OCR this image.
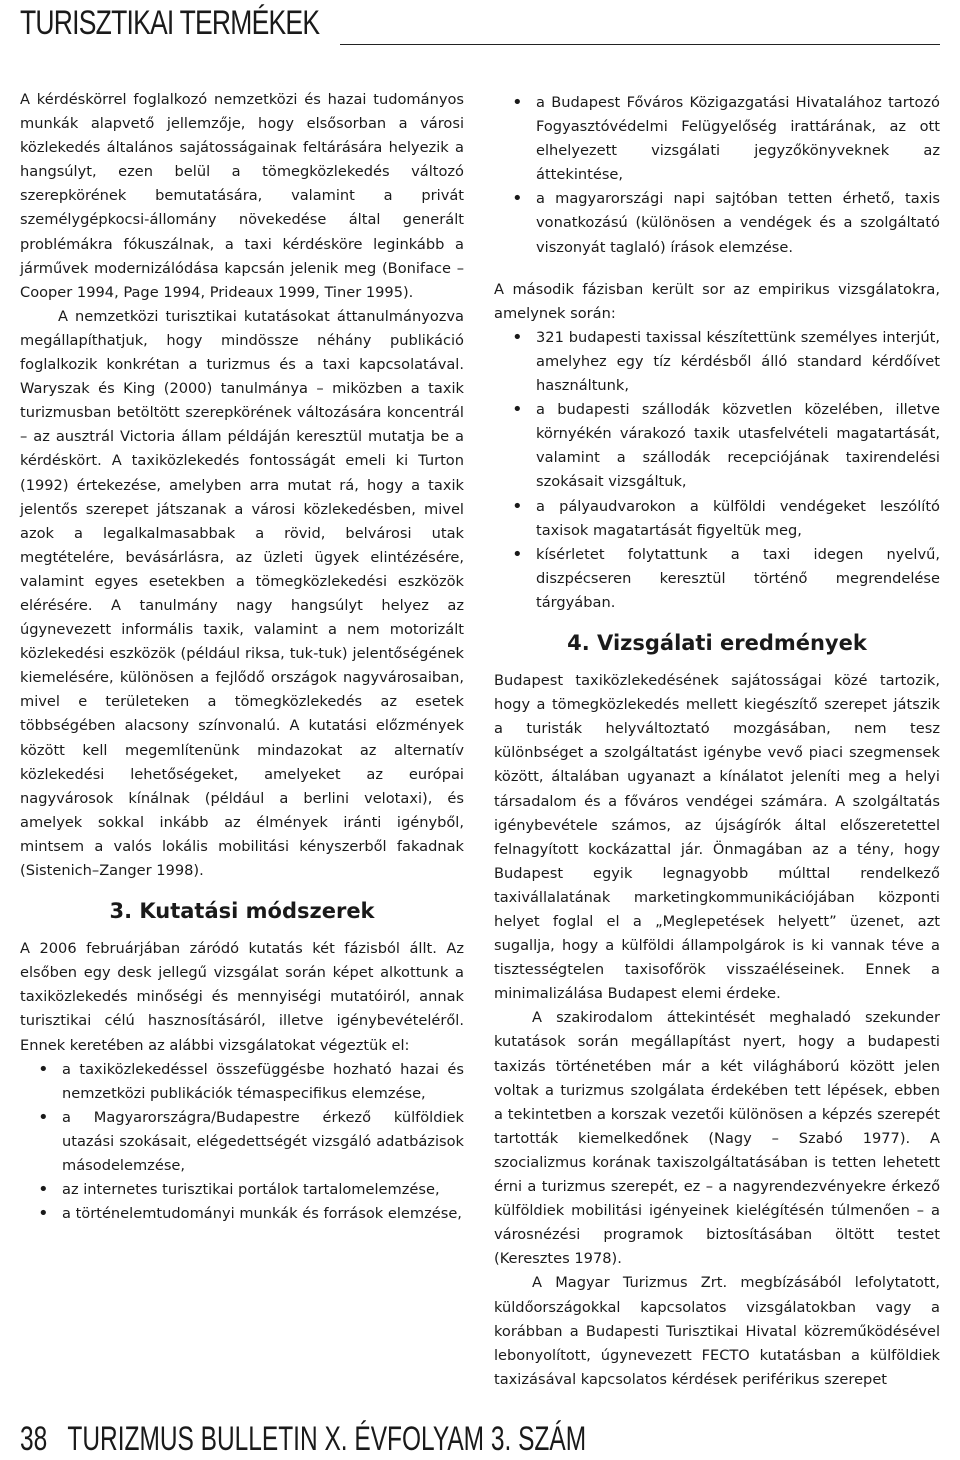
TURISZTIKAI TERMÉKEK

A kérdéskörrel foglalkozó nemzetközi és hazai tudományos munkák alapvető jellemzője, hogy elsősorban a városi közlekedés általános sajátosságainak feltárására helyezik a hangsúlyt, ezen belül a tömegközlekedés változó szerepkörének bemutatására, valamint a privát személygépkocsi-állomány növekedése által generált problémákra fókuszálnak, a taxi kérdésköre leginkább a járművek modernizálódása kapcsán jelenik meg (Boniface – Cooper 1994, Page 1994, Prideaux 1999, Tiner 1995).

A nemzetközi turisztikai kutatásokat áttanulmányozva megállapíthatjuk, hogy mindössze néhány publikáció foglalkozik konkrétan a turizmus és a taxi kapcsolatával. Waryszak és King (2000) tanulmánya – miközben a taxik turizmusban betöltött szerepkörének változására koncentrál – az ausztrál Victoria állam példáján keresztül mutatja be a kérdéskört. A taxiközlekedés fontosságát emeli ki Turton (1992) értekezése, amelyben arra mutat rá, hogy a taxik jelentős szerepet játszanak a városi közlekedésben, mivel azok a legalkalmasabbak a rövid, belvárosi utak megtételére, bevásárlásra, az üzleti ügyek elintézésére, valamint egyes esetekben a tömegközlekedési eszközök elérésére. A tanulmány nagy hangsúlyt helyez az úgynevezett informális taxik, valamint a nem motorizált közlekedési eszközök (például riksa, tuk-tuk) jelentőségének kiemelésére, különösen a fejlődő országok nagyvárosaiban, mivel e területeken a tömegközlekedés az esetek többségében alacsony színvonalú. A kutatási előzmények között kell megemlítenünk mindazokat az alternatív közlekedési lehetőségeket, amelyeket az európai nagyvárosok kínálnak (például a berlini velotaxi), és amelyek sokkal inkább az élmények iránti igényből, mintsem a valós lokális mobilitási kényszerből fakadnak (Sistenich–Zanger 1998).

3. Kutatási módszerek

A 2006 februárjában záródó kutatás két fázisból állt. Az elsőben egy desk jellegű vizsgálat során képet alkottunk a taxiközlekedés minőségi és mennyiségi mutatóiról, annak turisztikai célú hasznosításáról, illetve igénybevételéről. Ennek keretében az alábbi vizsgálatokat végeztük el:

• a taxiközlekedéssel összefüggésbe hozható hazai és nemzetközi publikációk témaspecifikus elemzése,
• a Magyarországra/Budapestre érkező külföldiek utazási szokásait, elégedettségét vizsgáló adatbázisok másodelemzése,
• az internetes turisztikai portálok tartalomelemzése,
• a történelemtudományi munkák és források elemzése,
• a Budapest Főváros Közigazgatási Hivatalához tartozó Fogyasztóvédelmi Felügyelőség irattárának, az ott elhelyezett vizsgálati jegyzőkönyveknek az áttekintése,
• a magyarországi napi sajtóban tetten érhető, taxis vonatkozású (különösen a vendégek és a szolgáltató viszonyát taglaló) írások elemzése.

A második fázisban került sor az empirikus vizsgálatokra, amelynek során:

• 321 budapesti taxissal készítettünk személyes interjút, amelyhez egy tíz kérdésből álló standard kérdőívet használtunk,
• a budapesti szállodák közvetlen közelében, illetve környékén várakozó taxik utasfelvételi magatartását, valamint a szállodák recepciójának taxirendelési szokásait vizsgáltuk,
• a pályaudvarokon a külföldi vendégeket leszólító taxisok magatartását figyeltük meg,
• kísérletet folytattunk a taxi idegen nyelvű, diszpécseren keresztül történő megrendelése tárgyában.
4. Vizsgálati eredmények

Budapest taxiközlekedésének sajátosságai közé tartozik, hogy a tömegközlekedés mellett kiegészítő szerepet játszik a turisták helyváltoztató mozgásában, nem tesz különbséget a szolgáltatást igénybe vevő piaci szegmensek között, általában ugyanazt a kínálatot jeleníti meg a helyi társadalom és a főváros vendégei számára. A szolgáltatás igénybevétele számos, az újságírók által előszeretettel felnagyított kockázattal jár. Önmagában az a tény, hogy Budapest egyik legnagyobb múlttal rendelkező taxivállalatának marketingkommunikációjában központi helyet foglal el a „Meglepetések helyett” üzenet, azt sugallja, hogy a külföldi állampolgárok is ki vannak téve a tisztességtelen taxisofőrök visszaéléseinek. Ennek a minimalizálása Budapest elemi érdeke.

A szakirodalom áttekintését meghaladó szekunder kutatások során megállapítást nyert, hogy a budapesti taxizás történetében már a két világháború között jelen voltak a turizmus szolgálata érdekében tett lépések, ebben a tekintetben a korszak vezetői különösen a képzés szerepét tartották kiemelkedőnek (Nagy – Szabó 1977). A szocializmus korának taxiszolgáltatásában is tetten lehetett érni a turizmus szerepét, ez – a nagyrendezvényekre érkező külföldiek mobilitási igényeinek kielégítésén túlmenően – a városnézési programok biztosításában öltött testet (Keresztes 1978).

A Magyar Turizmus Zrt. megbízásából lefolytatott, küldőországokkal kapcsolatos vizsgálatokban vagy a korábban a Budapesti Turisztikai Hivatal közreműködésével lebonyolított, úgynevezett FECTO kutatásban a külföldiek taxizásával kapcsolatos kérdések periférikus szerepet

38 TURIZMUS BULLETIN X. ÉVFOLYAM 3. SZÁM
